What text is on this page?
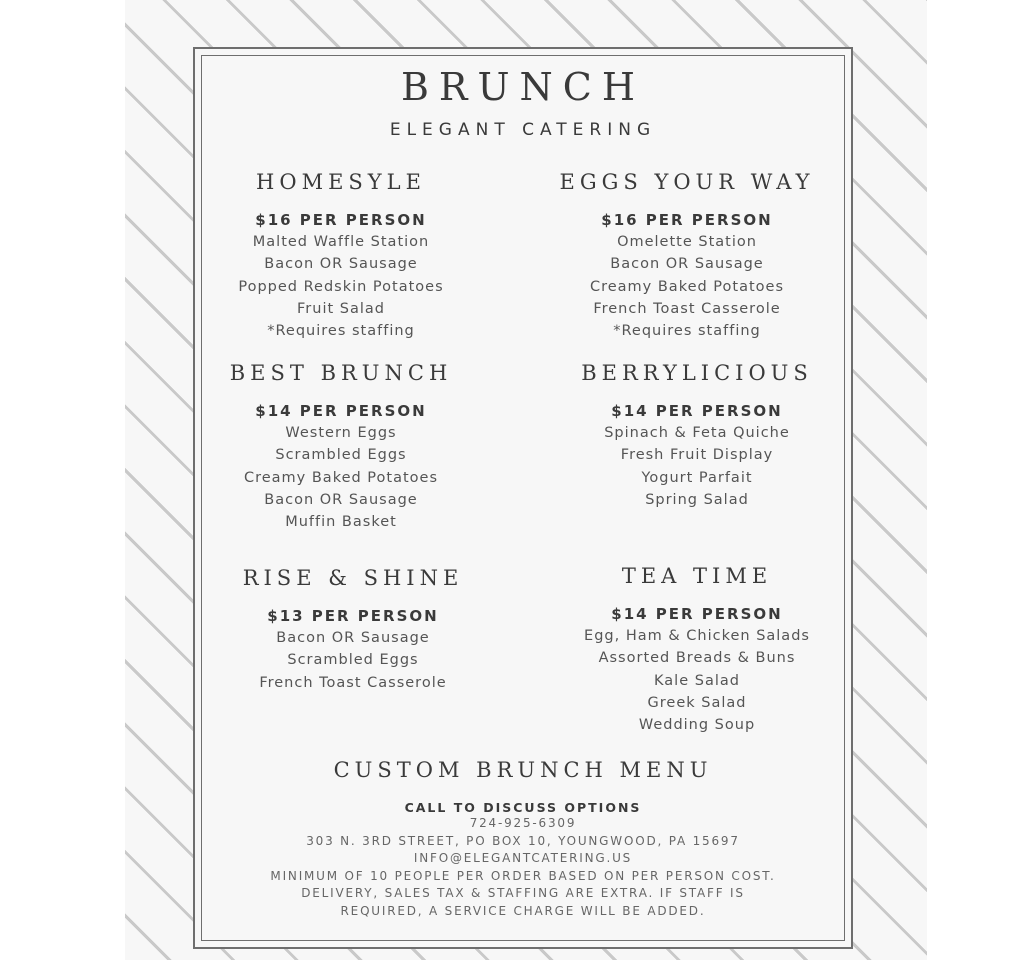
BRUNCH
ELEGANT CATERING
HOMESYLE
$16 PER PERSON
Malted Waffle Station
Bacon OR Sausage
Popped Redskin Potatoes
Fruit Salad
*Requires staffing
EGGS YOUR WAY
$16 PER PERSON
Omelette Station
Bacon OR Sausage
Creamy Baked Potatoes
French Toast Casserole
*Requires staffing
BEST BRUNCH
$14 PER PERSON
Western Eggs
Scrambled Eggs
Creamy Baked Potatoes
Bacon OR Sausage
Muffin Basket
BERRYLICIOUS
$14 PER PERSON
Spinach & Feta Quiche
Fresh Fruit Display
Yogurt Parfait
Spring Salad
RISE & SHINE
$13 PER PERSON
Bacon OR Sausage
Scrambled Eggs
French Toast Casserole
TEA TIME
$14 PER PERSON
Egg, Ham & Chicken Salads
Assorted Breads & Buns
Kale Salad
Greek Salad
Wedding Soup
CUSTOM BRUNCH MENU
CALL TO DISCUSS OPTIONS
724-925-6309
303 N. 3RD STREET, PO BOX 10, YOUNGWOOD, PA 15697
INFO@ELEGANTCATERING.US
MINIMUM OF 10 PEOPLE PER ORDER BASED ON PER PERSON COST.
DELIVERY, SALES TAX & STAFFING ARE EXTRA. IF STAFF IS
REQUIRED, A SERVICE CHARGE WILL BE ADDED.
